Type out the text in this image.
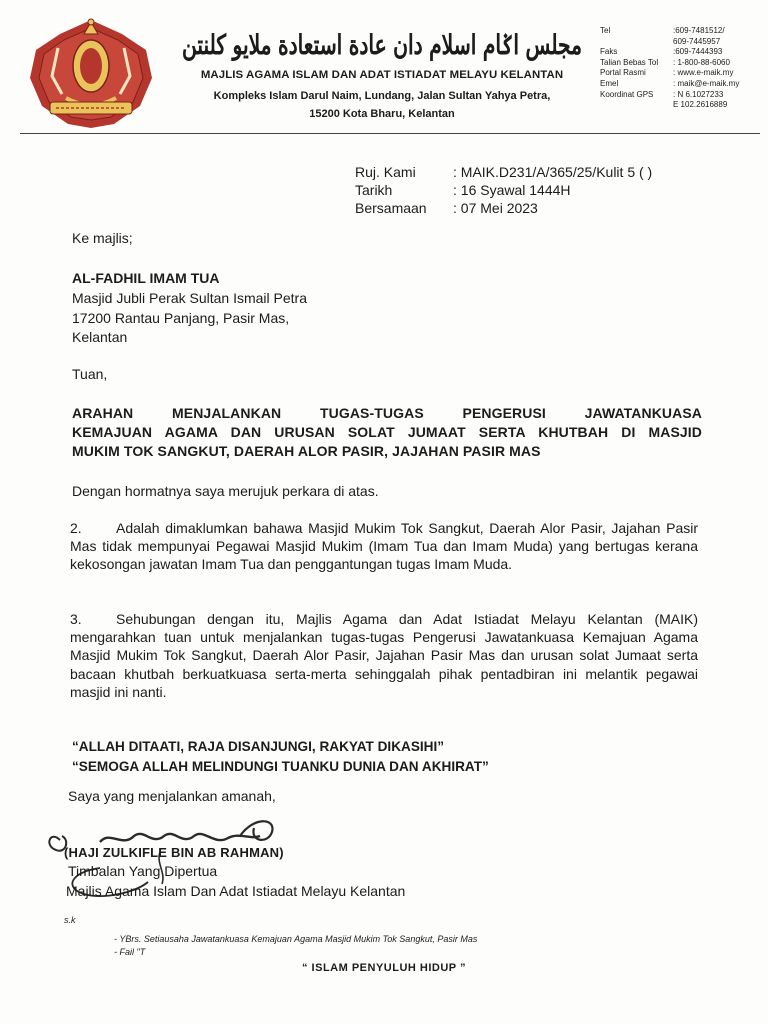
مجلس اݢام اسلام دان عادة استعادة ملايو كلنتن
مجلس اݢام اسلام دان عادة استعادة ملايو كلنتن
MAJLIS AGAMA ISLAM DAN ADAT ISTIADAT MELAYU KELANTAN
Kompleks Islam Darul Naim, Lundang, Jalan Sultan Yahya Petra,
15200 Kota Bharu, Kelantan
Tel	:609-7481512/
609-7445957
Faks	:609-7444393
Talian Bebas Tol	: 1-800-88-6060
Portal Rasmi	: www.e-maik.my
Emel	: maik@e-maik.my
Koordinat GPS	: N 6.1027233
E 102.2616889
Ruj. Kami	: MAIK.D231/A/365/25/Kulit 5 ( )
Tarikh	: 16 Syawal 1444H
Bersamaan	: 07 Mei 2023
Ke majlis;
AL-FADHIL IMAM TUA
Masjid Jubli Perak Sultan Ismail Petra
17200 Rantau Panjang, Pasir Mas,
Kelantan
Tuan,
ARAHAN MENJALANKAN TUGAS-TUGAS PENGERUSI JAWATANKUASA
KEMAJUAN AGAMA DAN URUSAN SOLAT JUMAAT SERTA KHUTBAH DI MASJID
MUKIM TOK SANGKUT, DAERAH ALOR PASIR, JAJAHAN PASIR MAS
Dengan hormatnya saya merujuk perkara di atas.
2. Adalah dimaklumkan bahawa Masjid Mukim Tok Sangkut, Daerah Alor Pasir, Jajahan Pasir Mas tidak mempunyai Pegawai Masjid Mukim (Imam Tua dan Imam Muda) yang bertugas kerana kekosongan jawatan Imam Tua dan penggantungan tugas Imam Muda.
3. Sehubungan dengan itu, Majlis Agama dan Adat Istiadat Melayu Kelantan (MAIK) mengarahkan tuan untuk menjalankan tugas-tugas Pengerusi Jawatankuasa Kemajuan Agama Masjid Mukim Tok Sangkut, Daerah Alor Pasir, Jajahan Pasir Mas dan urusan solat Jumaat serta bacaan khutbah berkuatkuasa serta-merta sehinggalah pihak pentadbiran ini melantik pegawai masjid ini nanti.
“ALLAH DITAATI, RAJA DISANJUNGI, RAKYAT DIKASIHI”
“SEMOGA ALLAH MELINDUNGI TUANKU DUNIA DAN AKHIRAT”
Saya yang menjalankan amanah,
(HAJI ZULKIFLE BIN AB RAHMAN)
Timbalan Yang Dipertua
Majlis Agama Islam Dan Adat Istiadat Melayu Kelantan
s.k
- YBrs. Setiausaha Jawatankuasa Kemajuan Agama Masjid Mukim Tok Sangkut, Pasir Mas
- Fail "T
“ ISLAM PENYULUH HIDUP ”
